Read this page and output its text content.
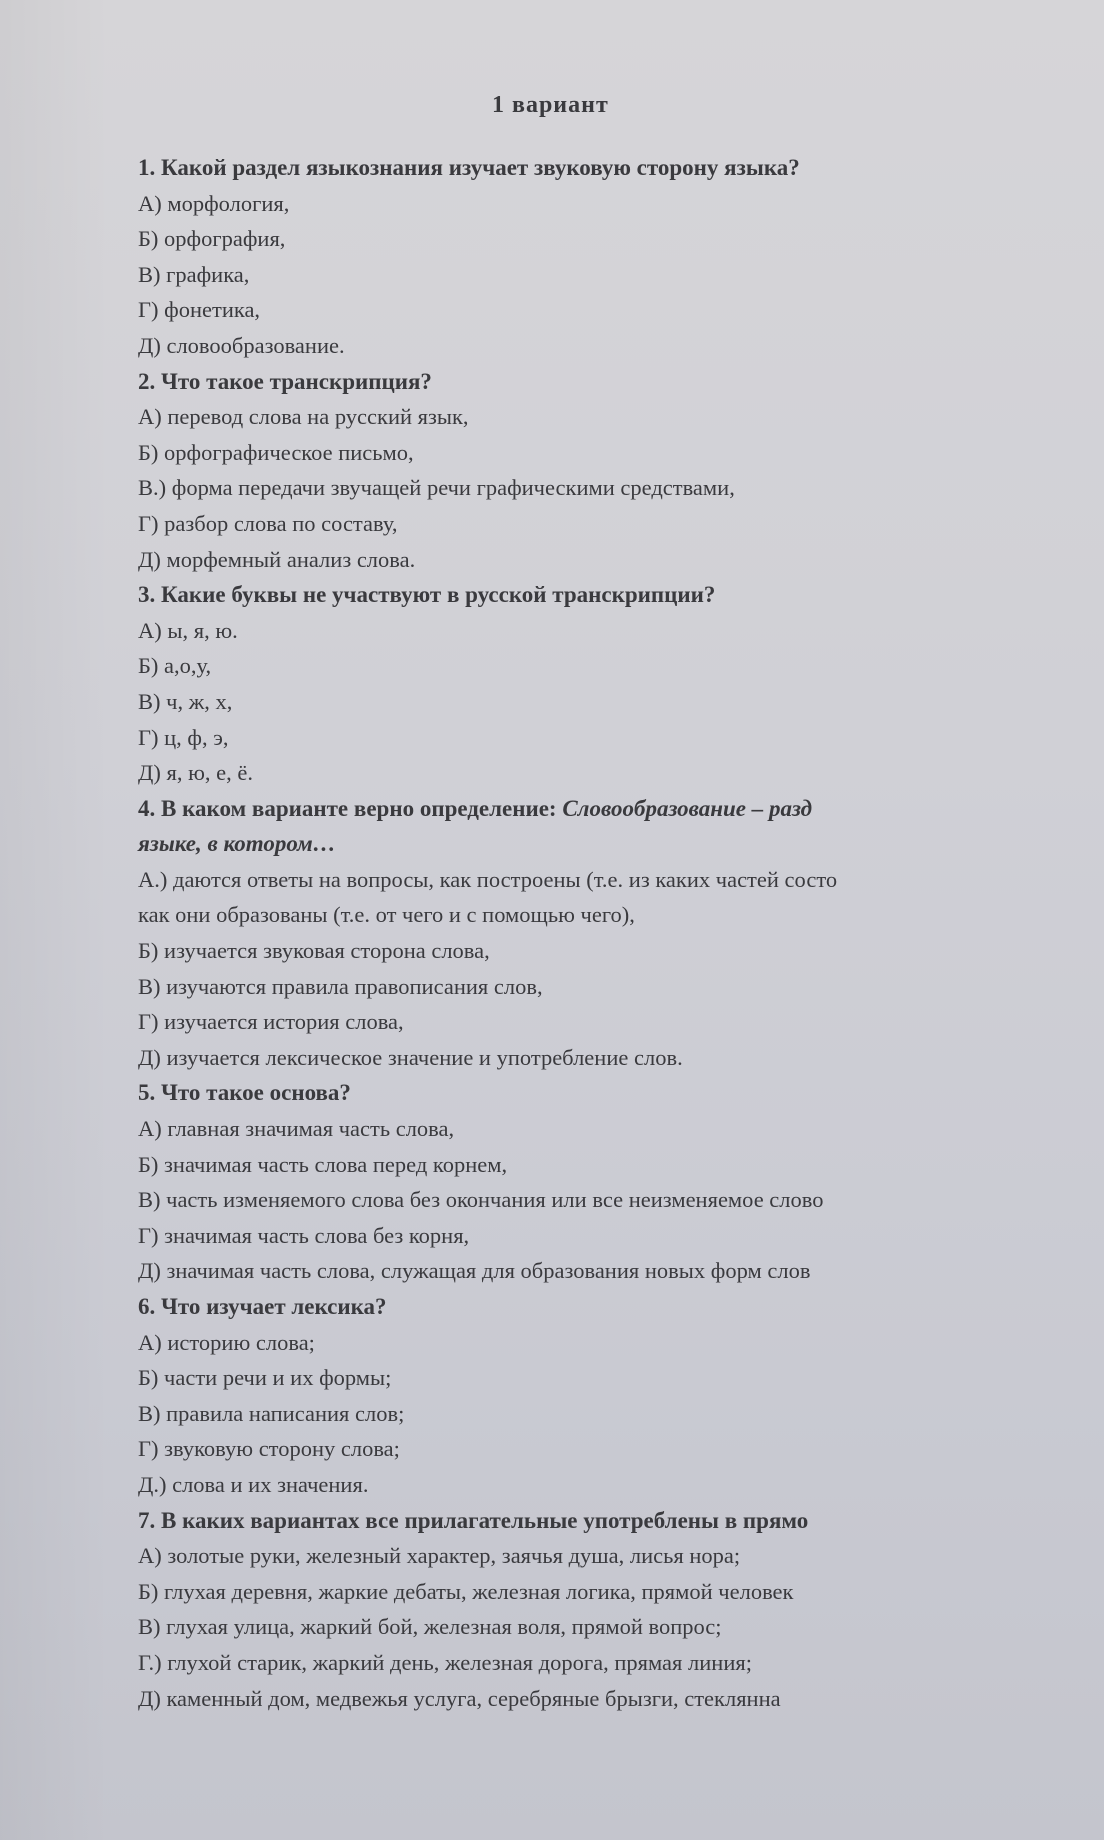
1 вариант
1. Какой раздел языкознания изучает звуковую сторону языка?
А) морфология,
Б) орфография,
В) графика,
Г) фонетика,
Д) словообразование.
2. Что такое транскрипция?
А) перевод слова на русский язык,
Б) орфографическое письмо,
В.) форма передачи звучащей речи графическими средствами,
Г) разбор слова по составу,
Д) морфемный анализ слова.
3. Какие буквы не участвуют в русской транскрипции?
А) ы, я, ю.
Б) а,о,у,
В) ч, ж, х,
Г) ц, ф, э,
Д) я, ю, е, ё.
4. В каком варианте верно определение: Словообразование – разд
языке, в котором…
А.) даются ответы на вопросы, как построены (т.е. из каких частей состо
как они образованы (т.е. от чего и с помощью чего),
Б) изучается звуковая сторона слова,
В) изучаются правила правописания слов,
Г) изучается история слова,
Д) изучается лексическое значение и употребление слов.
5. Что такое основа?
А) главная значимая часть слова,
Б) значимая часть слова перед корнем,
В) часть изменяемого слова без окончания или все неизменяемое слово
Г) значимая часть слова без корня,
Д) значимая часть слова, служащая для образования новых форм слов
6. Что изучает лексика?
А) историю слова;
Б) части речи и их формы;
В) правила написания слов;
Г) звуковую сторону слова;
Д.) слова и их значения.
7. В каких вариантах все прилагательные употреблены в прямо
А) золотые руки, железный характер, заячья душа, лисья нора;
Б) глухая деревня, жаркие дебаты, железная логика, прямой человек
В) глухая улица, жаркий бой, железная воля, прямой вопрос;
Г.) глухой старик, жаркий день, железная дорога, прямая линия;
Д) каменный дом, медвежья услуга, серебряные брызги, стеклянна
